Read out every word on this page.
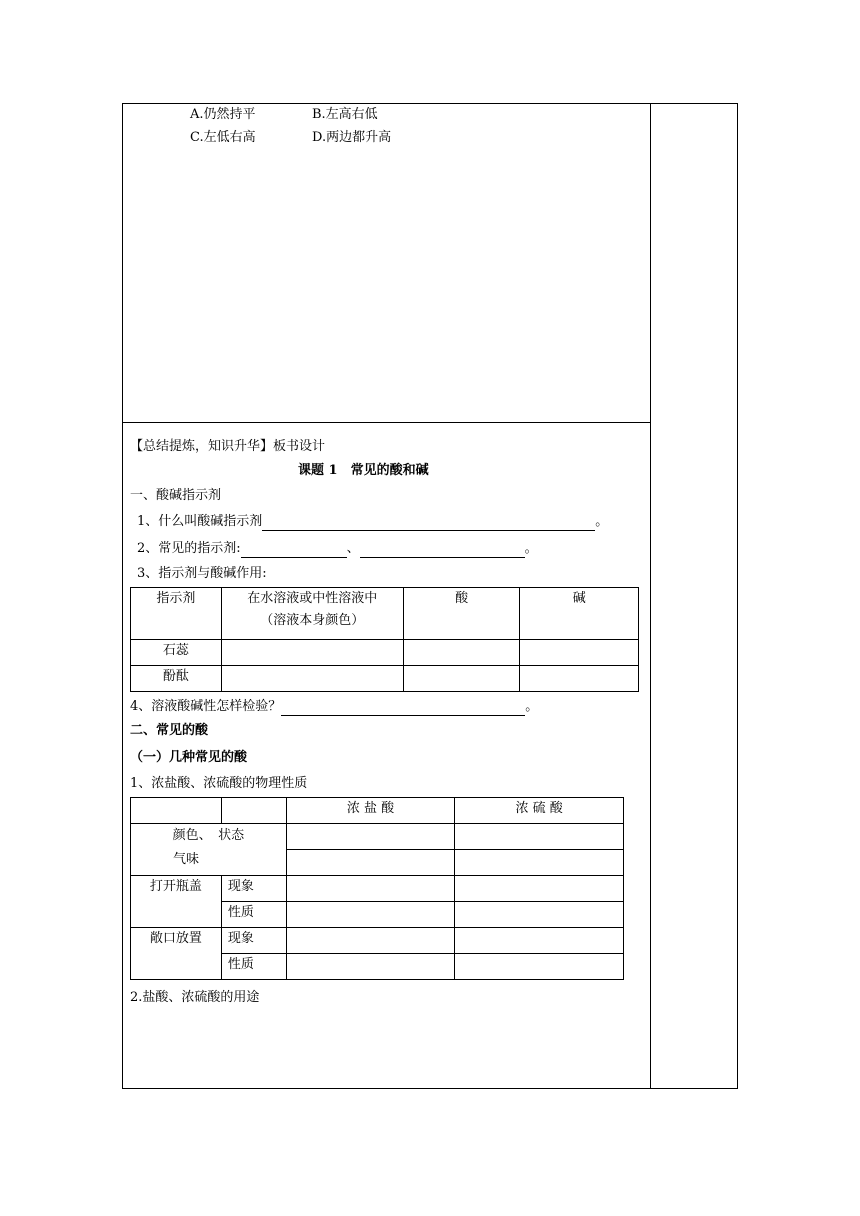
A.仍然持平	B.左高右低
C.左低右高	D.两边都升高
【总结提炼，知识升华】板书设计
课题 1　常见的酸和碱
一、酸碱指示剂
1、什么叫酸碱指示剂	。
2、常见的指示剂:	、	。
3、指示剂与酸碱作用:
指示剂	在水溶液或中性溶液中
（溶液本身颜色）	酸	碱
石蕊			
酚酞			
4、溶液酸碱性怎样检验？	。
二、常见的酸
（一）几种常见的酸
1、浓盐酸、浓硫酸的物理性质
		浓 盐 酸	浓 硫 酸

颜色、　状态
气味			

打开瓶盖	现象		
	性质		
敞口放置	现象		
	性质		
2.盐酸、浓硫酸的用途
